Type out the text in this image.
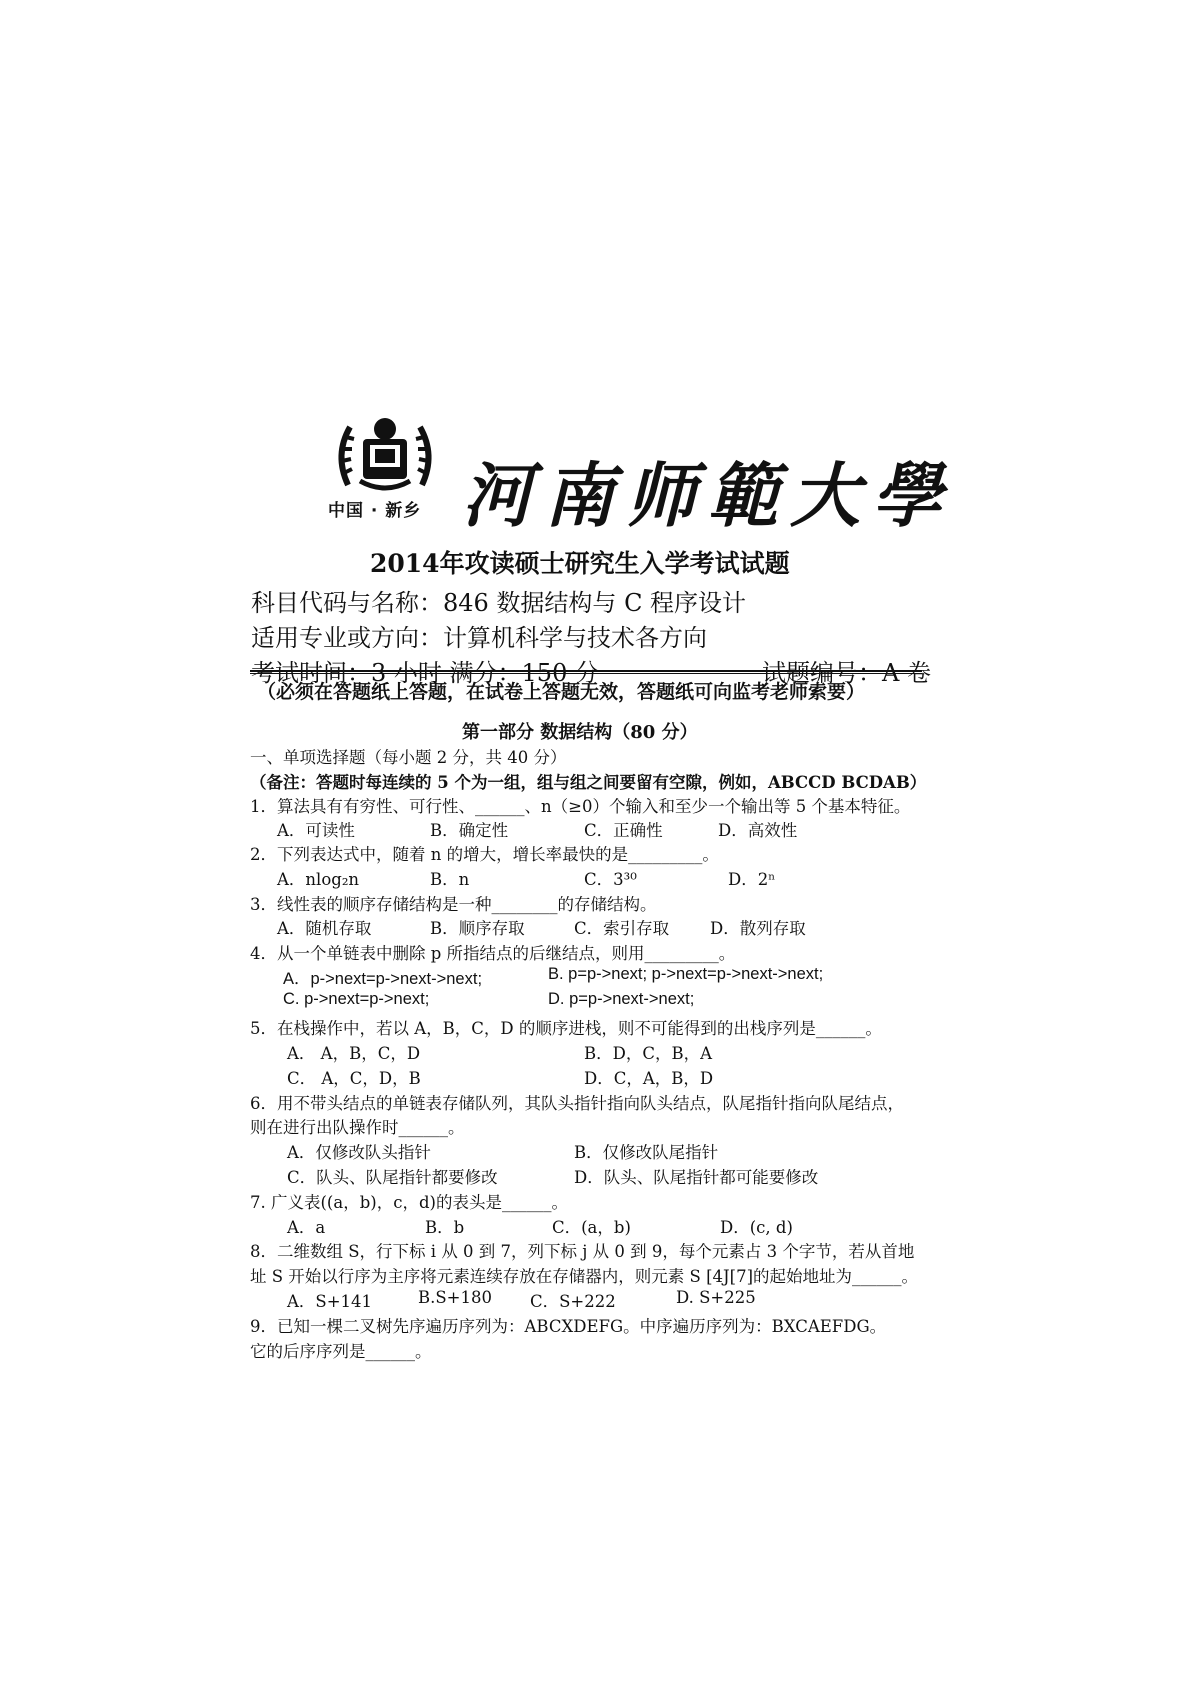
中国 · 新乡 河南师範大學
2014年攻读硕士研究生入学考试试题
科目代码与名称：846 数据结构与 C 程序设计
适用专业或方向：计算机科学与技术各方向
考试时间：3 小时 满分：150 分	试题编号：A 卷
（必须在答题纸上答题，在试卷上答题无效，答题纸可向监考老师索要）
第一部分 数据结构（80 分）
一、单项选择题（每小题 2 分，共 40 分）
（备注：答题时每连续的 5 个为一组，组与组之间要留有空隙，例如，ABCCD BCDAB）
1．算法具有有穷性、可行性、______、n（≥0）个输入和至少一个输出等 5 个基本特征。
A．可读性	B．确定性	C．正确性	D．高效性
2．下列表达式中，随着 n 的增大，增长率最快的是_________。
A．nlog₂n	B．n	C．3³⁰	D．2ⁿ
3．线性表的顺序存储结构是一种________的存储结构。
A．随机存取	B．顺序存取	C．索引存取 D．散列存取
4．从一个单链表中删除 p 所指结点的后继结点，则用_________。
A．p->next=p->next->next;	B. p=p->next; p->next=p->next->next;
C. p->next=p->next;	D. p=p->next->next;
5．在栈操作中，若以 A，B，C，D 的顺序进栈，则不可能得到的出栈序列是______。
A． A，B，C，D	B．D，C，B，A
C． A，C，D，B	D．C，A，B，D
6．用不带头结点的单链表存储队列，其队头指针指向队头结点，队尾指针指向队尾结点，
则在进行出队操作时______。
A．仅修改队头指针	B．仅修改队尾指针
C．队头、队尾指针都要修改	D．队头、队尾指针都可能要修改
7. 广义表((a，b)，c，d)的表头是______。
A．a	B．b	C．(a，b)	D．(c, d)
8．二维数组 S，行下标 i 从 0 到 7，列下标 j 从 0 到 9，每个元素占 3 个字节，若从首地
址 S 开始以行序为主序将元素连续存放在存储器内，则元素 S [4J[7]的起始地址为______。
A．S+141	B.S+180 C．S+222	D. S+225
9．已知一棵二叉树先序遍历序列为：ABCXDEFG。中序遍历序列为：BXCAEFDG。
它的后序序列是______。
